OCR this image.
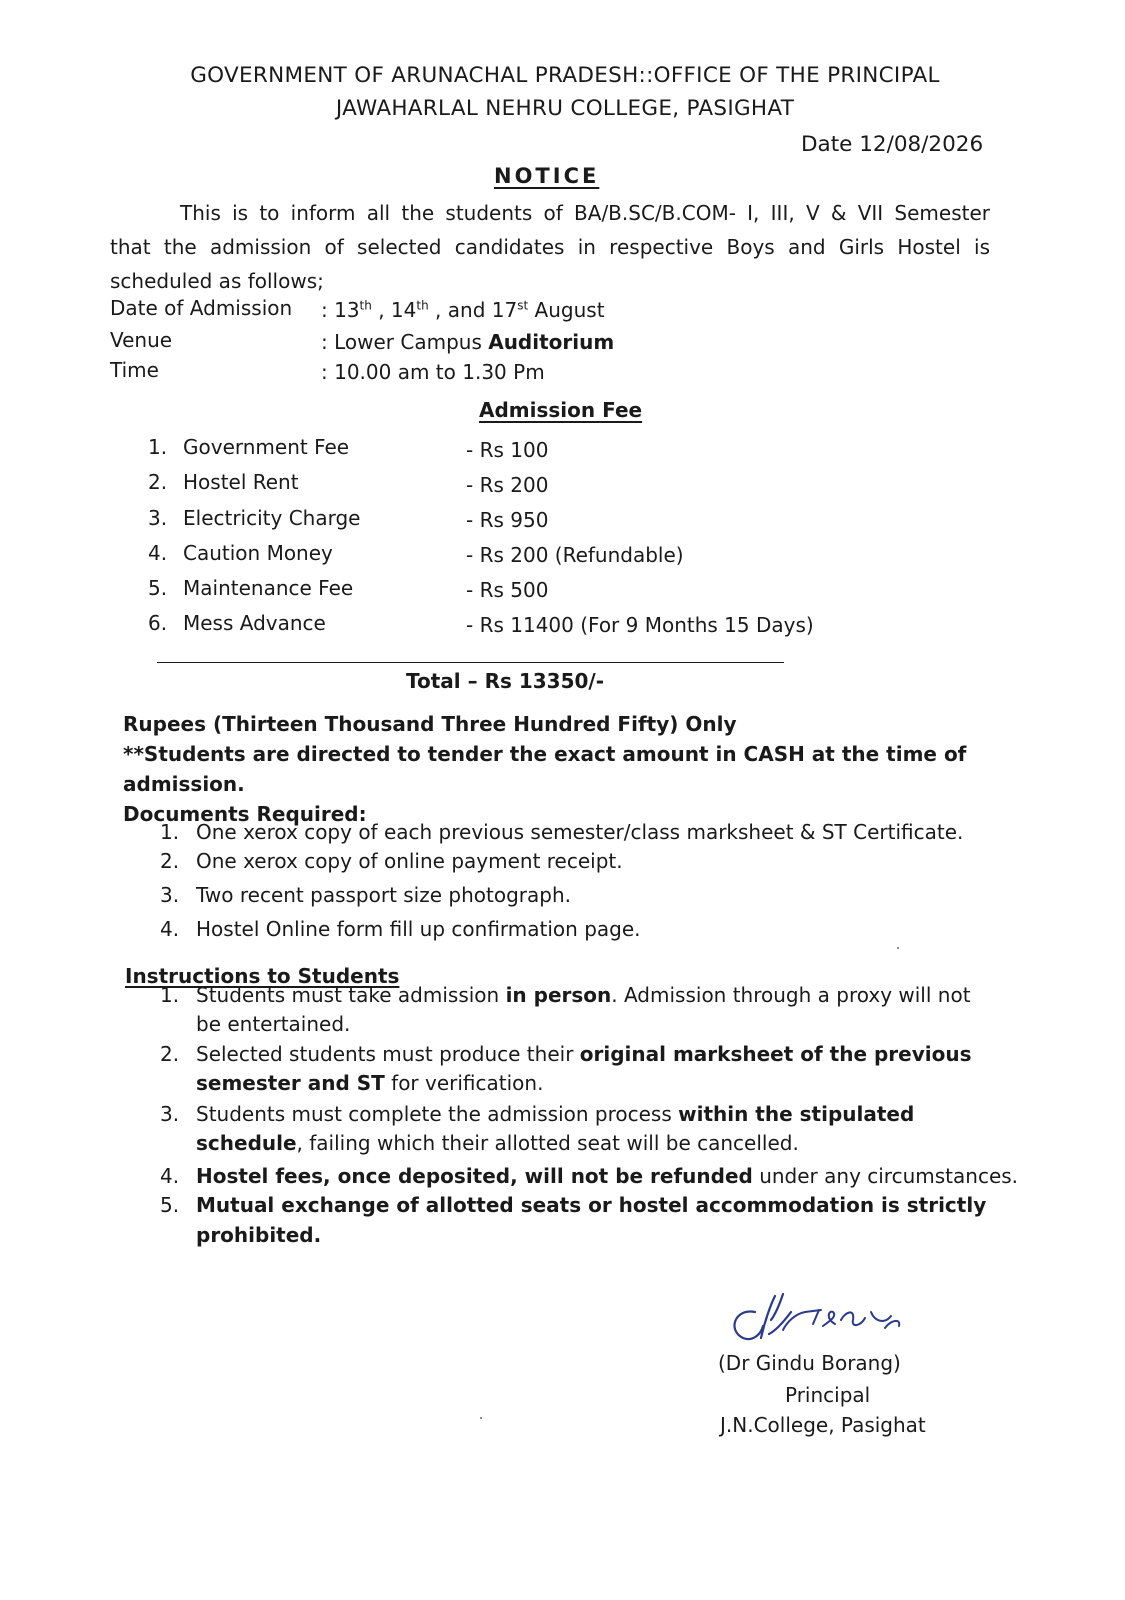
GOVERNMENT OF ARUNACHAL PRADESH::OFFICE OF THE PRINCIPAL
JAWAHARLAL NEHRU COLLEGE, PASIGHAT
Date 12/08/2026
NOTICE
This is to inform all the students of BA/B.SC/B.COM- I, III, V & VII Semester
that the admission of selected candidates in respective Boys and Girls Hostel is
scheduled as follows;
Date of Admission : 13th , 14th , and 17st August
Venue	: Lower Campus Auditorium
Time	: 10.00 am to 1.30 Pm
Admission Fee
1. Government Fee	- Rs 100
2. Hostel Rent	- Rs 200
3. Electricity Charge	- Rs 950
4. Caution Money	- Rs 200 (Refundable)
5. Maintenance Fee	- Rs 500
6. Mess Advance	- Rs 11400 (For 9 Months 15 Days)
Total – Rs 13350/-
Rupees (Thirteen Thousand Three Hundred Fifty) Only
**Students are directed to tender the exact amount in CASH at the time of
admission.
Documents Required:
1. One xerox copy of each previous semester/class marksheet & ST Certificate.
2. One xerox copy of online payment receipt.
3. Two recent passport size photograph.
4. Hostel Online form fill up confirmation page.
Instructions to Students
1. Students must take admission in person. Admission through a proxy will not
be entertained.
2. Selected students must produce their original marksheet of the previous
semester and ST for verification.
3. Students must complete the admission process within the stipulated
schedule, failing which their allotted seat will be cancelled.
4. Hostel fees, once deposited, will not be refunded under any circumstances.
5. Mutual exchange of allotted seats or hostel accommodation is strictly
prohibited.
(Dr Gindu Borang)
Principal
J.N.College, Pasighat
